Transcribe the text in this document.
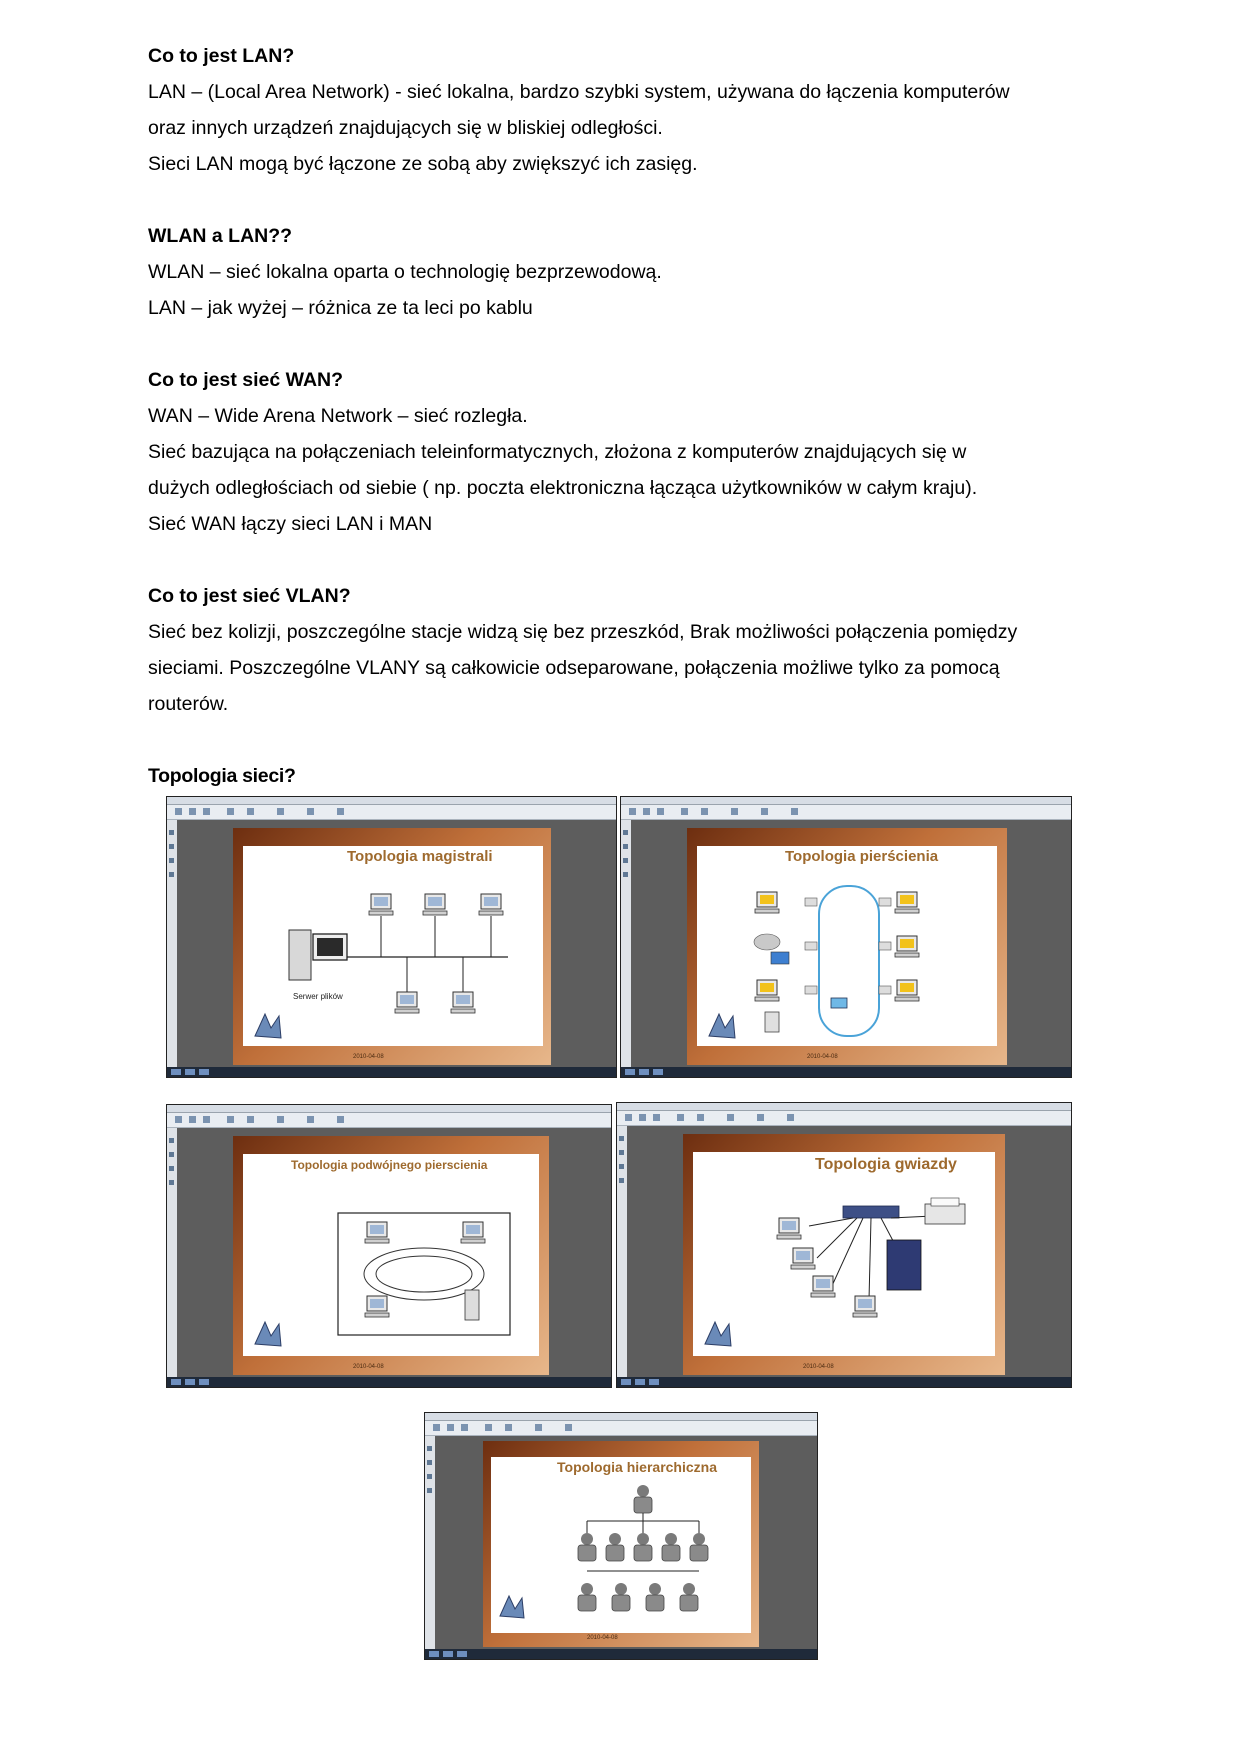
Co to jest LAN?
LAN – (Local Area Network) - sieć lokalna, bardzo szybki system, używana do łączenia komputerów
oraz innych urządzeń znajdujących się w bliskiej odległości.
Sieci LAN mogą być łączone ze sobą aby zwiększyć ich zasięg.
WLAN a LAN??
WLAN – sieć lokalna oparta o technologię bezprzewodową.
LAN – jak wyżej – różnica ze ta leci po kablu
Co to jest sieć WAN?
WAN – Wide Arena Network – sieć rozległa.
Sieć bazująca na połączeniach teleinformatycznych, złożona z komputerów znajdujących się w
dużych odległościach od siebie ( np. poczta elektroniczna łącząca użytkowników w całym kraju).
Sieć WAN łączy sieci LAN i MAN
Co to jest sieć VLAN?
Sieć bez kolizji, poszczególne stacje widzą się bez przeszkód, Brak możliwości połączenia pomiędzy
sieciami. Poszczególne VLANY są całkowicie odseparowane, połączenia możliwe tylko za pomocą
routerów.
Topologia sieci?
Topologia magistrali
Serwer plików
2010-04-08
Topologia pierścienia
2010-04-08
Topologia podwójnego pierscienia
2010-04-08
Topologia gwiazdy
2010-04-08
Topologia hierarchiczna
2010-04-08
